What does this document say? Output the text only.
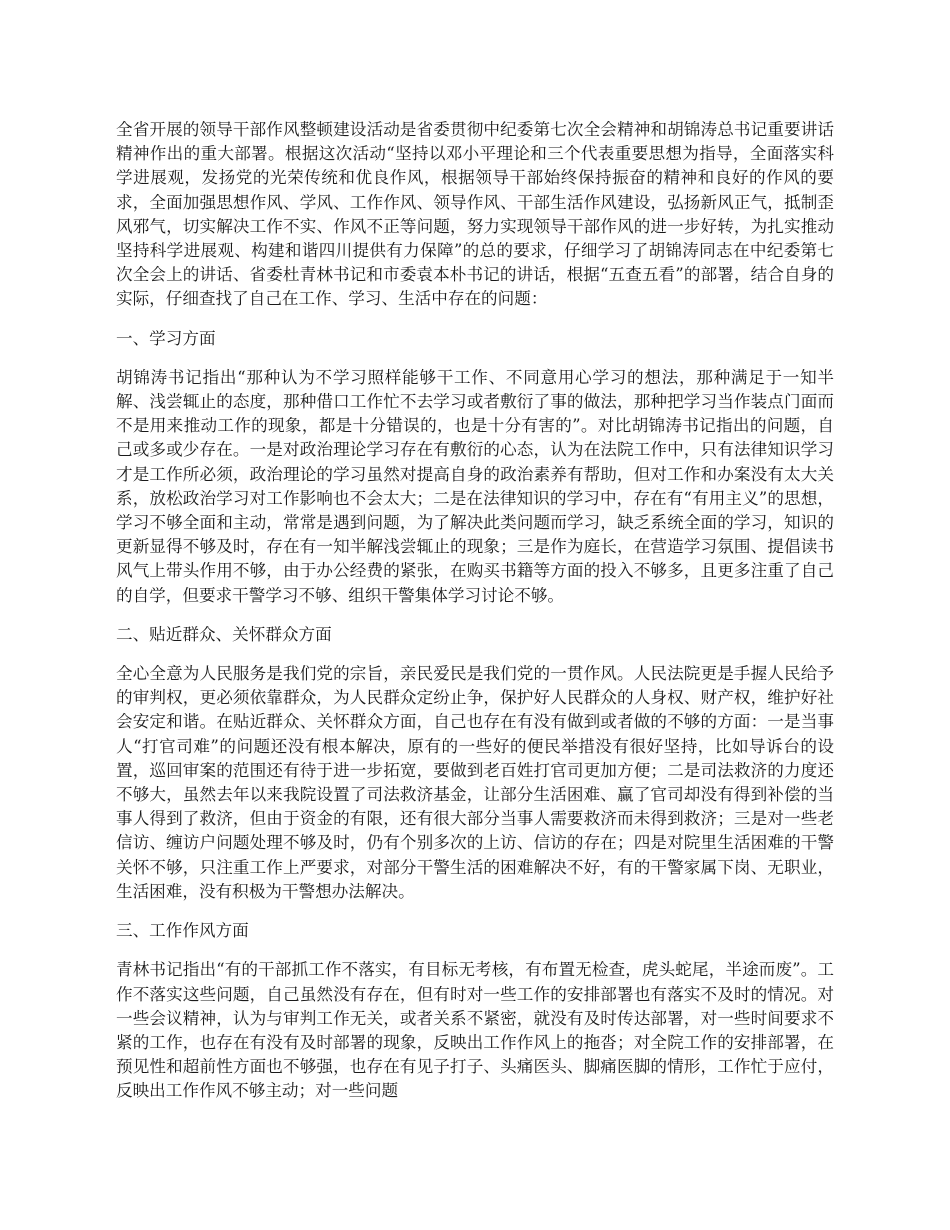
全省开展的领导干部作风整顿建设活动是省委贯彻中纪委第七次全会精神和胡锦涛总书记重要讲话精神作出的重大部署。根据这次活动“坚持以邓小平理论和三个代表重要思想为指导，全面落实科学进展观，发扬党的光荣传统和优良作风，根据领导干部始终保持振奋的精神和良好的作风的要求，全面加强思想作风、学风、工作作风、领导作风、干部生活作风建设，弘扬新风正气，抵制歪风邪气，切实解决工作不实、作风不正等问题，努力实现领导干部作风的进一步好转，为扎实推动坚持科学进展观、构建和谐四川提供有力保障”的总的要求，仔细学习了胡锦涛同志在中纪委第七次全会上的讲话、省委杜青林书记和市委袁本朴书记的讲话，根据“五查五看”的部署，结合自身的实际，仔细查找了自己在工作、学习、生活中存在的问题：

一、学习方面

胡锦涛书记指出“那种认为不学习照样能够干工作、不同意用心学习的想法，那种满足于一知半解、浅尝辄止的态度，那种借口工作忙不去学习或者敷衍了事的做法，那种把学习当作装点门面而不是用来推动工作的现象，都是十分错误的，也是十分有害的”。对比胡锦涛书记指出的问题，自己或多或少存在。一是对政治理论学习存在有敷衍的心态，认为在法院工作中，只有法律知识学习才是工作所必须，政治理论的学习虽然对提高自身的政治素养有帮助，但对工作和办案没有太大关系，放松政治学习对工作影响也不会太大；二是在法律知识的学习中，存在有“有用主义”的思想，学习不够全面和主动，常常是遇到问题，为了解决此类问题而学习，缺乏系统全面的学习，知识的更新显得不够及时，存在有一知半解浅尝辄止的现象；三是作为庭长，在营造学习氛围、提倡读书风气上带头作用不够，由于办公经费的紧张，在购买书籍等方面的投入不够多，且更多注重了自己的自学，但要求干警学习不够、组织干警集体学习讨论不够。

二、贴近群众、关怀群众方面

全心全意为人民服务是我们党的宗旨，亲民爱民是我们党的一贯作风。人民法院更是手握人民给予的审判权，更必须依靠群众，为人民群众定纷止争，保护好人民群众的人身权、财产权，维护好社会安定和谐。在贴近群众、关怀群众方面，自己也存在有没有做到或者做的不够的方面：一是当事人“打官司难”的问题还没有根本解决，原有的一些好的便民举措没有很好坚持，比如导诉台的设置，巡回审案的范围还有待于进一步拓宽，要做到老百姓打官司更加方便；二是司法救济的力度还不够大，虽然去年以来我院设置了司法救济基金，让部分生活困难、赢了官司却没有得到补偿的当事人得到了救济，但由于资金的有限，还有很大部分当事人需要救济而未得到救济；三是对一些老信访、缠访户问题处理不够及时，仍有个别多次的上访、信访的存在；四是对院里生活困难的干警关怀不够，只注重工作上严要求，对部分干警生活的困难解决不好，有的干警家属下岗、无职业，生活困难，没有积极为干警想办法解决。

三、工作作风方面

青林书记指出“有的干部抓工作不落实，有目标无考核，有布置无检查，虎头蛇尾，半途而废”。工作不落实这些问题，自己虽然没有存在，但有时对一些工作的安排部署也有落实不及时的情况。对一些会议精神，认为与审判工作无关，或者关系不紧密，就没有及时传达部署，对一些时间要求不紧的工作，也存在有没有及时部署的现象，反映出工作作风上的拖沓；对全院工作的安排部署，在预见性和超前性方面也不够强，也存在有见子打子、头痛医头、脚痛医脚的情形，工作忙于应付，反映出工作作风不够主动；对一些问题
